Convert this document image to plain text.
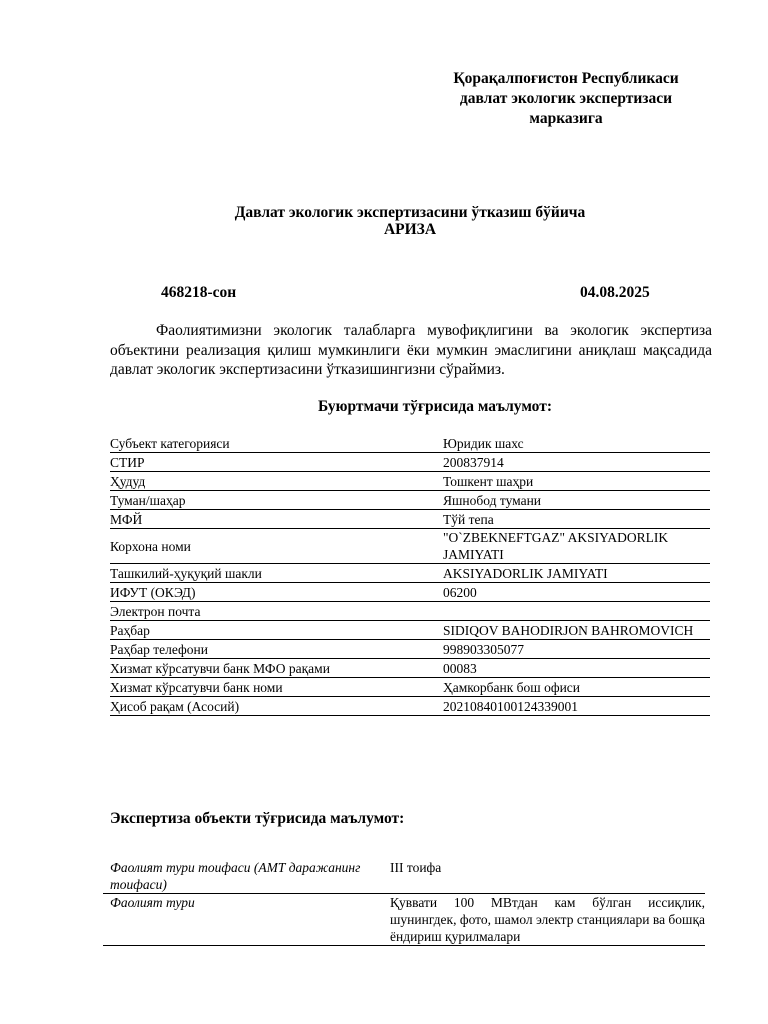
Қорақалпоғистон Республикаси
давлат экологик экспертизаси
марказига
Давлат экологик экспертизасини ўтказиш бўйича
АРИЗА
468218-сон	04.08.2025
Фаолиятимизни экологик талабларга мувофиқлигини ва экологик экспертиза объектини реализация қилиш мумкинлиги ёки мумкин эмаслигини аниқлаш мақсадида давлат экологик экспертизасини ўтказишингизни сўраймиз.
Буюртмачи тўғрисида маълумот:
Субъект категорияси	Юридик шахс
СТИР	200837914
Ҳудуд	Тошкент шаҳри
Туман/шаҳар	Яшнобод тумани
МФЙ	Тўй тепа
Корхона номи	"O`ZBEKNEFTGAZ" AKSIYADORLIK JAMIYATI
Ташкилий-ҳуқуқий шакли	AKSIYADORLIK JAMIYATI
ИФУТ (ОКЭД)	06200
Электрон почта	
Раҳбар	SIDIQOV BAHODIRJON BAHROMOVICH
Раҳбар телефони	998903305077
Хизмат кўрсатувчи банк МФО рақами	00083
Хизмат кўрсатувчи банк номи	Ҳамкорбанк бош офиси
Ҳисоб рақам (Асосий)	20210840100124339001
Экспертиза объекти тўғрисида маълумот:
Фаолият тури тоифаси (АМТ даражанинг тоифаси)	III тоифа
Фаолият тури	Қуввати 100 МВтдан кам бўлган иссиқлик, шунингдек, фото, шамол электр станциялари ва бошқа ёндириш қурилмалари
